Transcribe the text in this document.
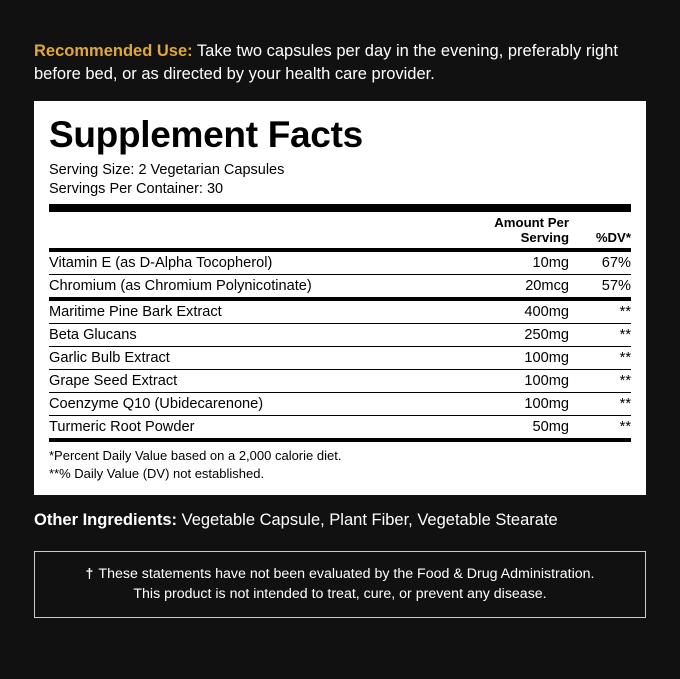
Recommended Use: Take two capsules per day in the evening, preferably right before bed, or as directed by your health care provider.

Supplement Facts
Serving Size: 2 Vegetarian Capsules
Servings Per Container: 30
	Amount Per Serving	%DV*
Vitamin E (as D-Alpha Tocopherol)	10mg	67%
Chromium (as Chromium Polynicotinate)	20mcg	57%
Maritime Pine Bark Extract	400mg	**
Beta Glucans	250mg	**
Garlic Bulb Extract	100mg	**
Grape Seed Extract	100mg	**
Coenzyme Q10 (Ubidecarenone)	100mg	**
Turmeric Root Powder	50mg	**
*Percent Daily Value based on a 2,000 calorie diet.
**% Daily Value (DV) not established.

Other Ingredients: Vegetable Capsule, Plant Fiber, Vegetable Stearate

† These statements have not been evaluated by the Food & Drug Administration.
This product is not intended to treat, cure, or prevent any disease.
